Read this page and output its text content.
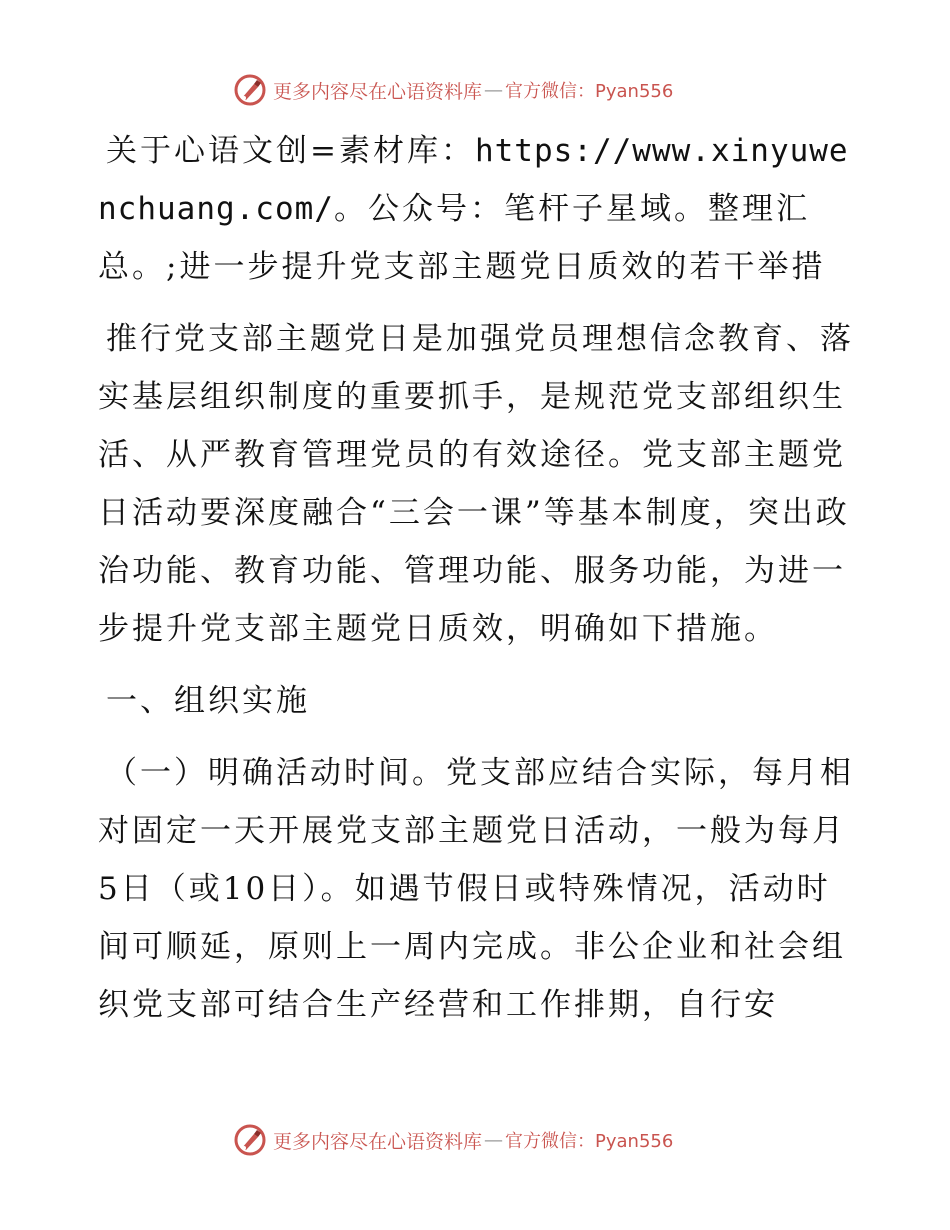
更多内容尽在心语资料库 — 官方微信：Pyan556

关于心语文创=素材库：https://www.xinyuwenchuang.com/。公众号：笔杆子星域。整理汇总。;进一步提升党支部主题党日质效的若干举措

推行党支部主题党日是加强党员理想信念教育、落实基层组织制度的重要抓手，是规范党支部组织生活、从严教育管理党员的有效途径。党支部主题党日活动要深度融合“三会一课”等基本制度，突出政治功能、教育功能、管理功能、服务功能，为进一步提升党支部主题党日质效，明确如下措施。

一、组织实施

（一）明确活动时间。党支部应结合实际，每月相对固定一天开展党支部主题党日活动，一般为每月5日（或10日）。如遇节假日或特殊情况，活动时间可顺延，原则上一周内完成。非公企业和社会组织党支部可结合生产经营和工作排期，自行安

更多内容尽在心语资料库 — 官方微信：Pyan556
